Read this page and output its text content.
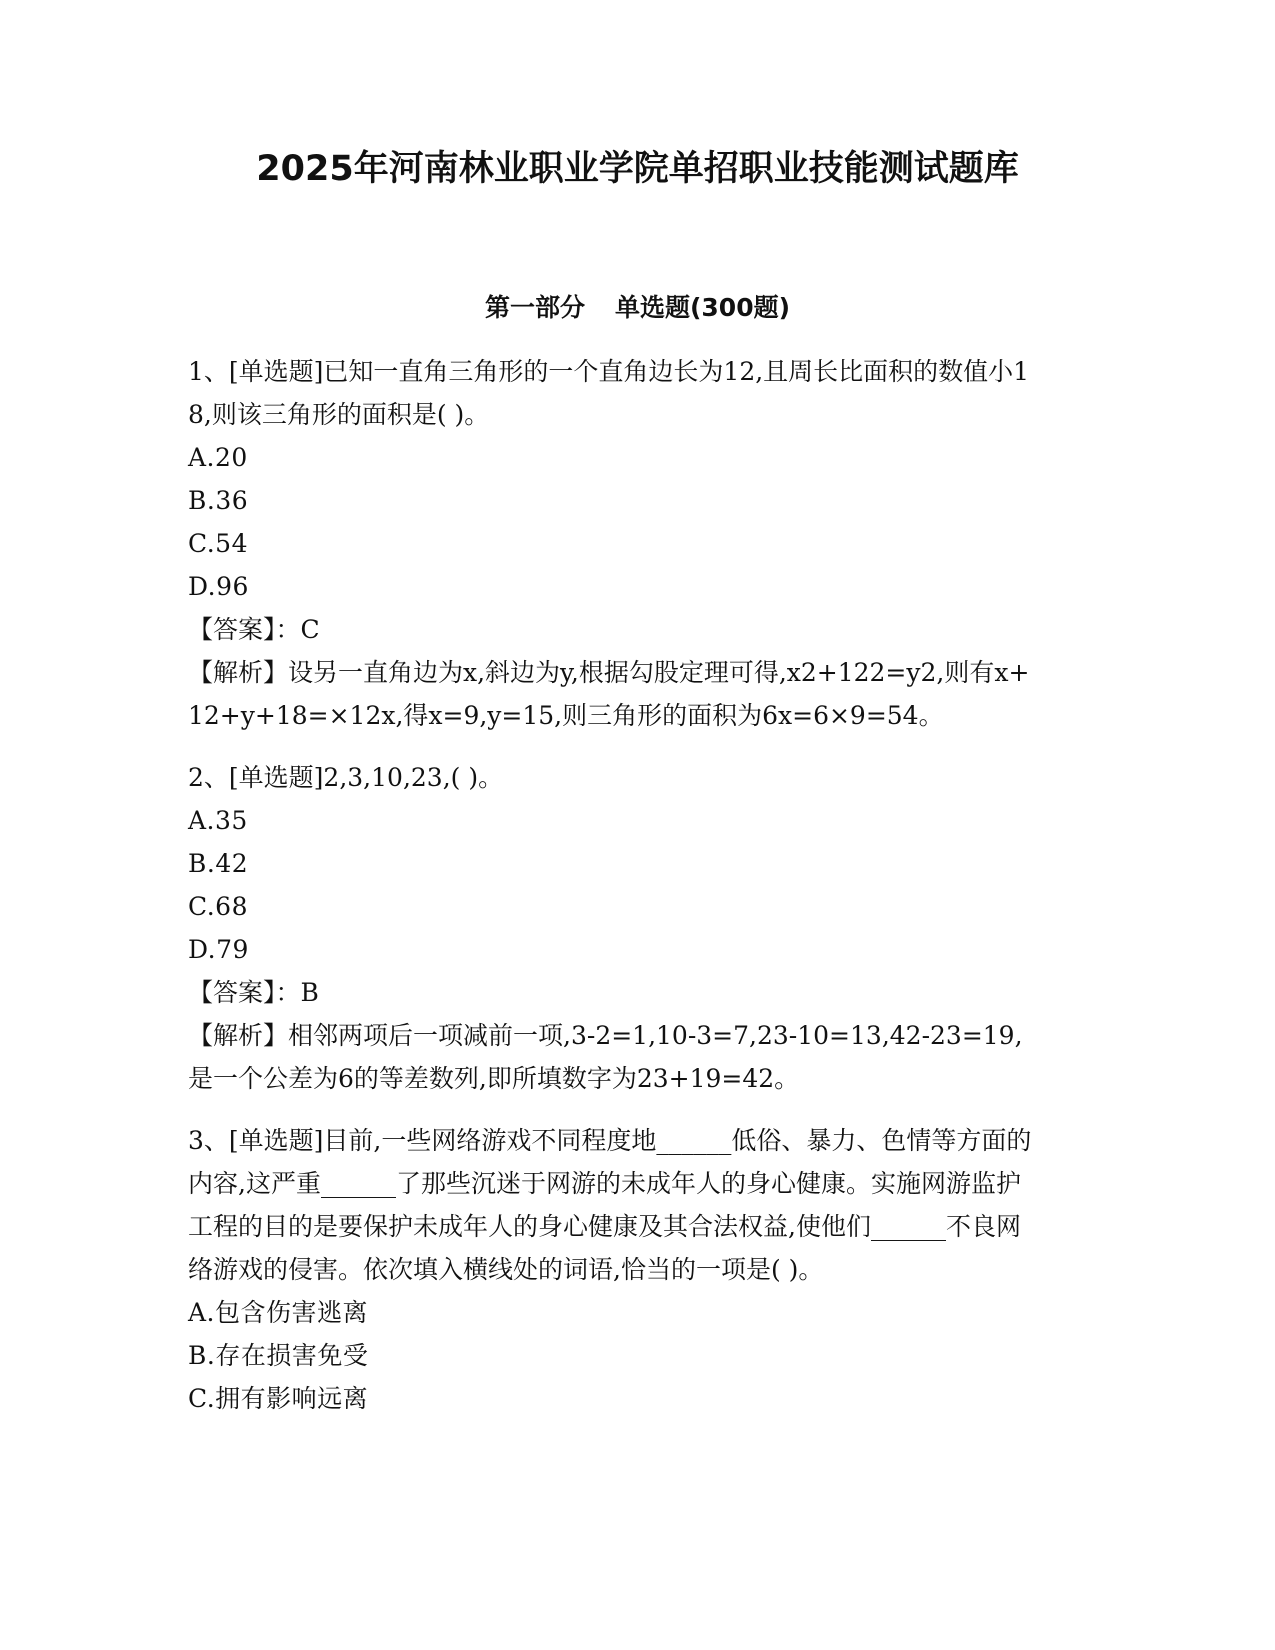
2025年河南林业职业学院单招职业技能测试题库
第一部分 单选题(300题)
1、[单选题]已知一直角三角形的一个直角边长为12,且周长比面积的数值小18,则该三角形的面积是( )。
A.20
B.36
C.54
D.96
【答案】：C
【解析】设另一直角边为x,斜边为y,根据勾股定理可得,x2+122=y2,则有x+12+y+18=×12x,得x=9,y=15,则三角形的面积为6x=6×9=54。
2、[单选题]2,3,10,23,( )。
A.35
B.42
C.68
D.79
【答案】：B
【解析】相邻两项后一项减前一项,3-2=1,10-3=7,23-10=13,42-23=19,是一个公差为6的等差数列,即所填数字为23+19=42。
3、[单选题]目前,一些网络游戏不同程度地______低俗、暴力、色情等方面的内容,这严重______了那些沉迷于网游的未成年人的身心健康。实施网游监护工程的目的是要保护未成年人的身心健康及其合法权益,使他们______不良网络游戏的侵害。依次填入横线处的词语,恰当的一项是( )。
A.包含伤害逃离
B.存在损害免受
C.拥有影响远离
